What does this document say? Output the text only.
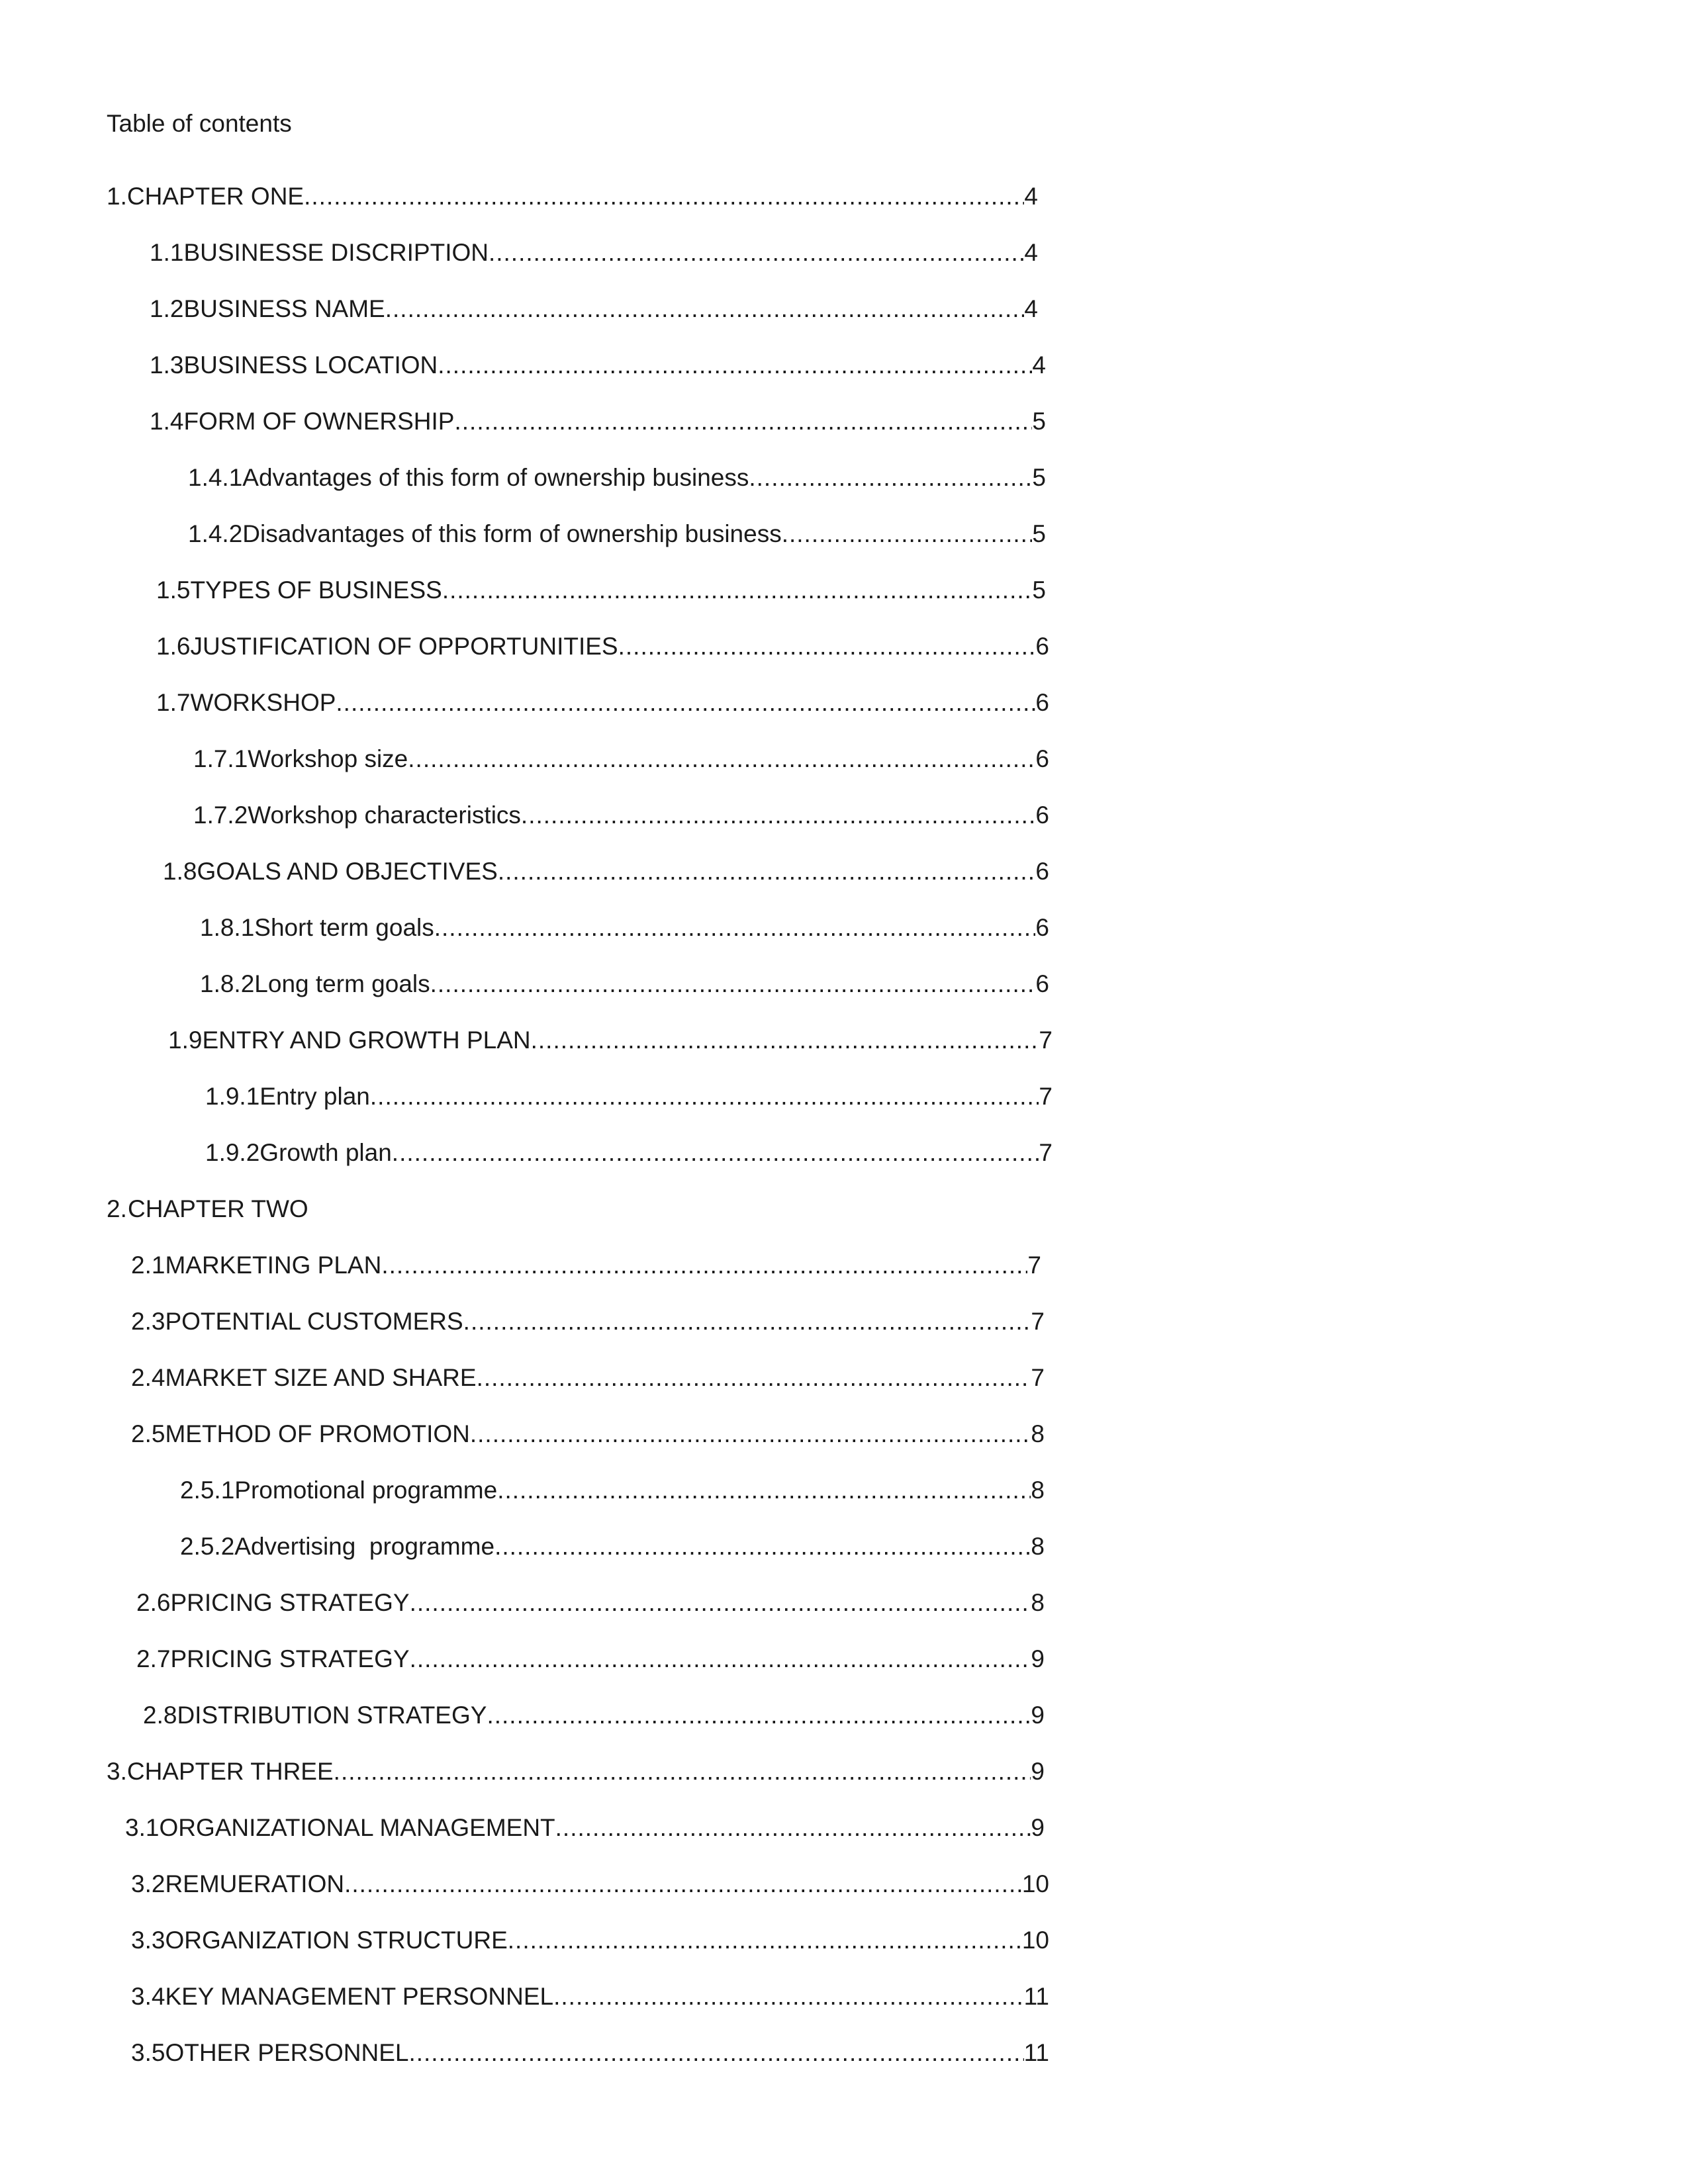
Table of contents
1. CHAPTER ONE .....	4
1.1 BUSINESSE DISCRIPTION .....	4
1.2 BUSINESS NAME .....	4
1.3 BUSINESS LOCATION .....	4
1.4 FORM OF OWNERSHIP .....	5
1.4.1 Advantages of this form of ownership business .....	5
1.4.2 Disadvantages of this form of ownership business .....	5
1.5 TYPES OF BUSINESS .....	5
1.6 JUSTIFICATION OF OPPORTUNITIES .....	6
1.7 WORKSHOP .....	6
1.7.1 Workshop size .....	6
1.7.2 Workshop characteristics .....	6
1.8 GOALS AND OBJECTIVES .....	6
1.8.1 Short term goals .....	6
1.8.2 Long term goals .....	6
1.9 ENTRY AND GROWTH PLAN .....	7
1.9.1 Entry plan .....	7
1.9.2 Growth plan .....	7
2. CHAPTER TWO
2.1 MARKETING PLAN .....	7
2.3 POTENTIAL CUSTOMERS .....	7
2.4 MARKET SIZE AND SHARE .....	7
2.5 METHOD OF PROMOTION .....	8
2.5.1 Promotional programme .....	8
2.5.2 Advertising  programme .....	8
2.6 PRICING STRATEGY .....	8
2.7 PRICING STRATEGY .....	9
2.8 DISTRIBUTION STRATEGY .....	9
3. CHAPTER THREE .....	9
3.1 ORGANIZATIONAL MANAGEMENT .....	9
3.2 REMUERATION .....	10
3.3 ORGANIZATION STRUCTURE .....	10
3.4 KEY MANAGEMENT PERSONNEL .....	11
3.5 OTHER PERSONNEL .....	11
